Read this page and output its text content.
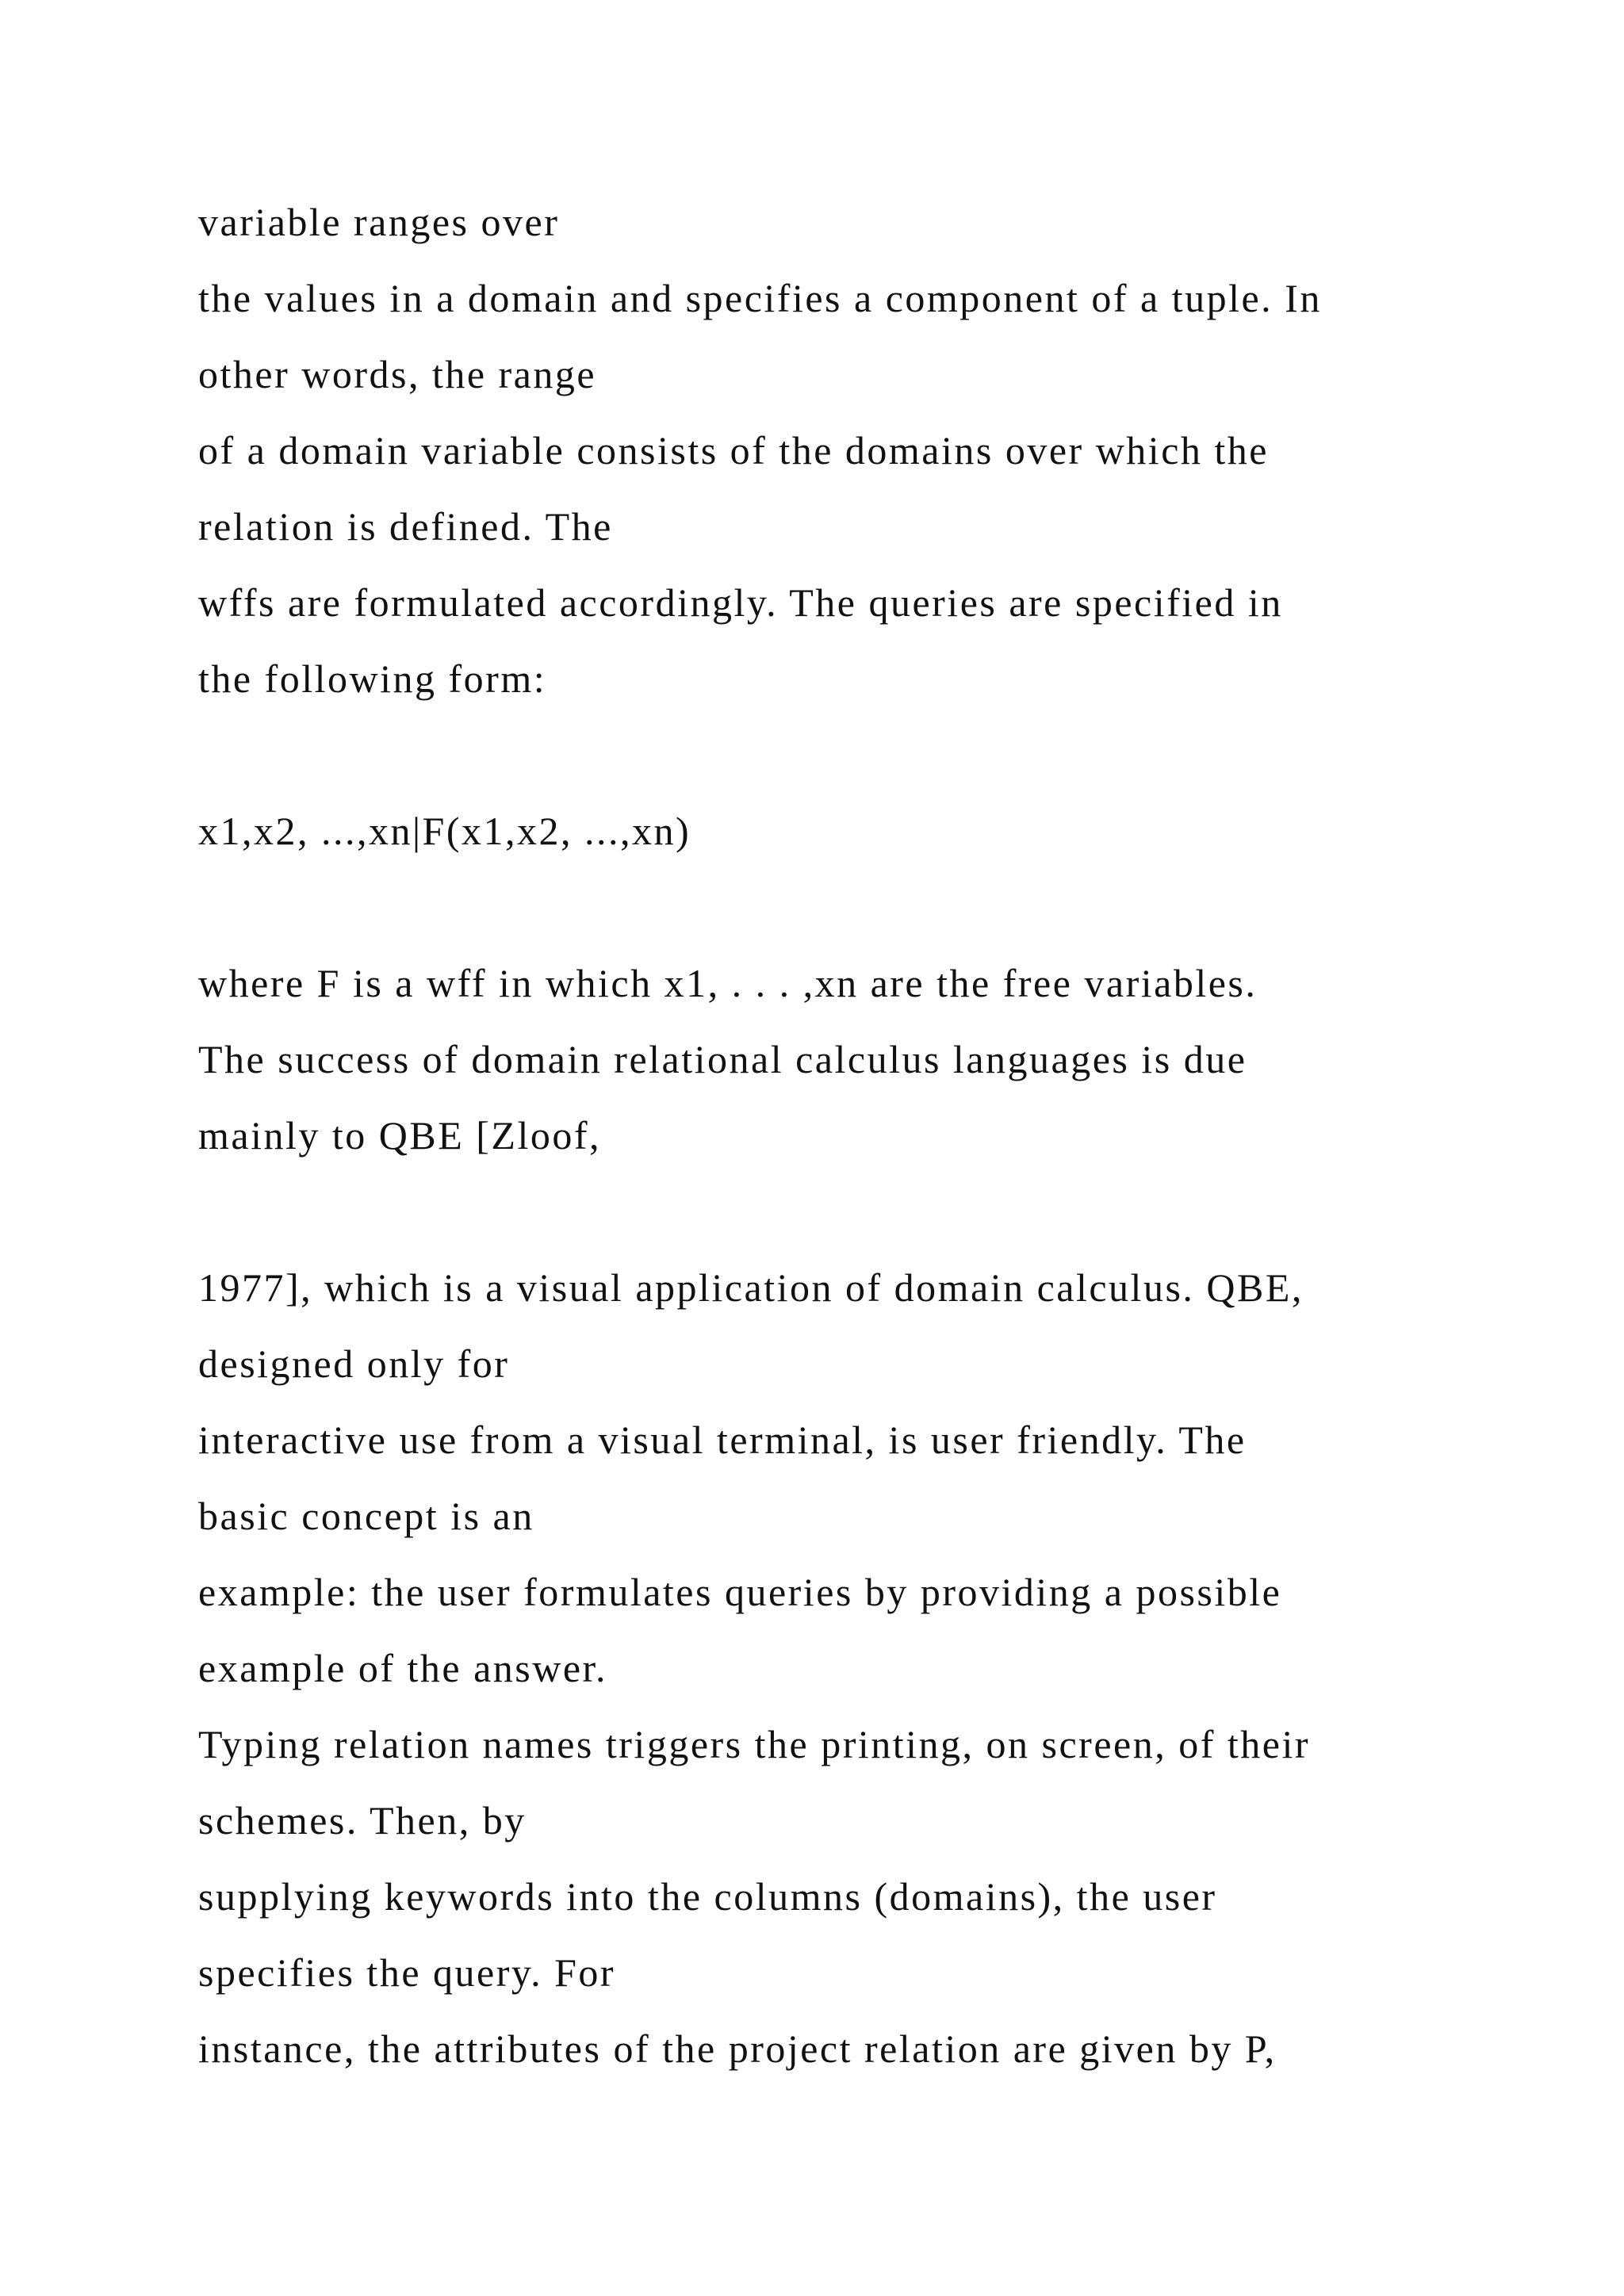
variable ranges over
the values in a domain and specifies a component of a tuple. In
other words, the range
of a domain variable consists of the domains over which the
relation is defined. The
wffs are formulated accordingly. The queries are specified in
the following form:
x1,x2, ...,xn|F(x1,x2, ...,xn)
where F is a wff in which x1, . . . ,xn are the free variables.
The success of domain relational calculus languages is due
mainly to QBE [Zloof,
1977], which is a visual application of domain calculus. QBE,
designed only for
interactive use from a visual terminal, is user friendly. The
basic concept is an
example: the user formulates queries by providing a possible
example of the answer.
Typing relation names triggers the printing, on screen, of their
schemes. Then, by
supplying keywords into the columns (domains), the user
specifies the query. For
instance, the attributes of the project relation are given by P,
